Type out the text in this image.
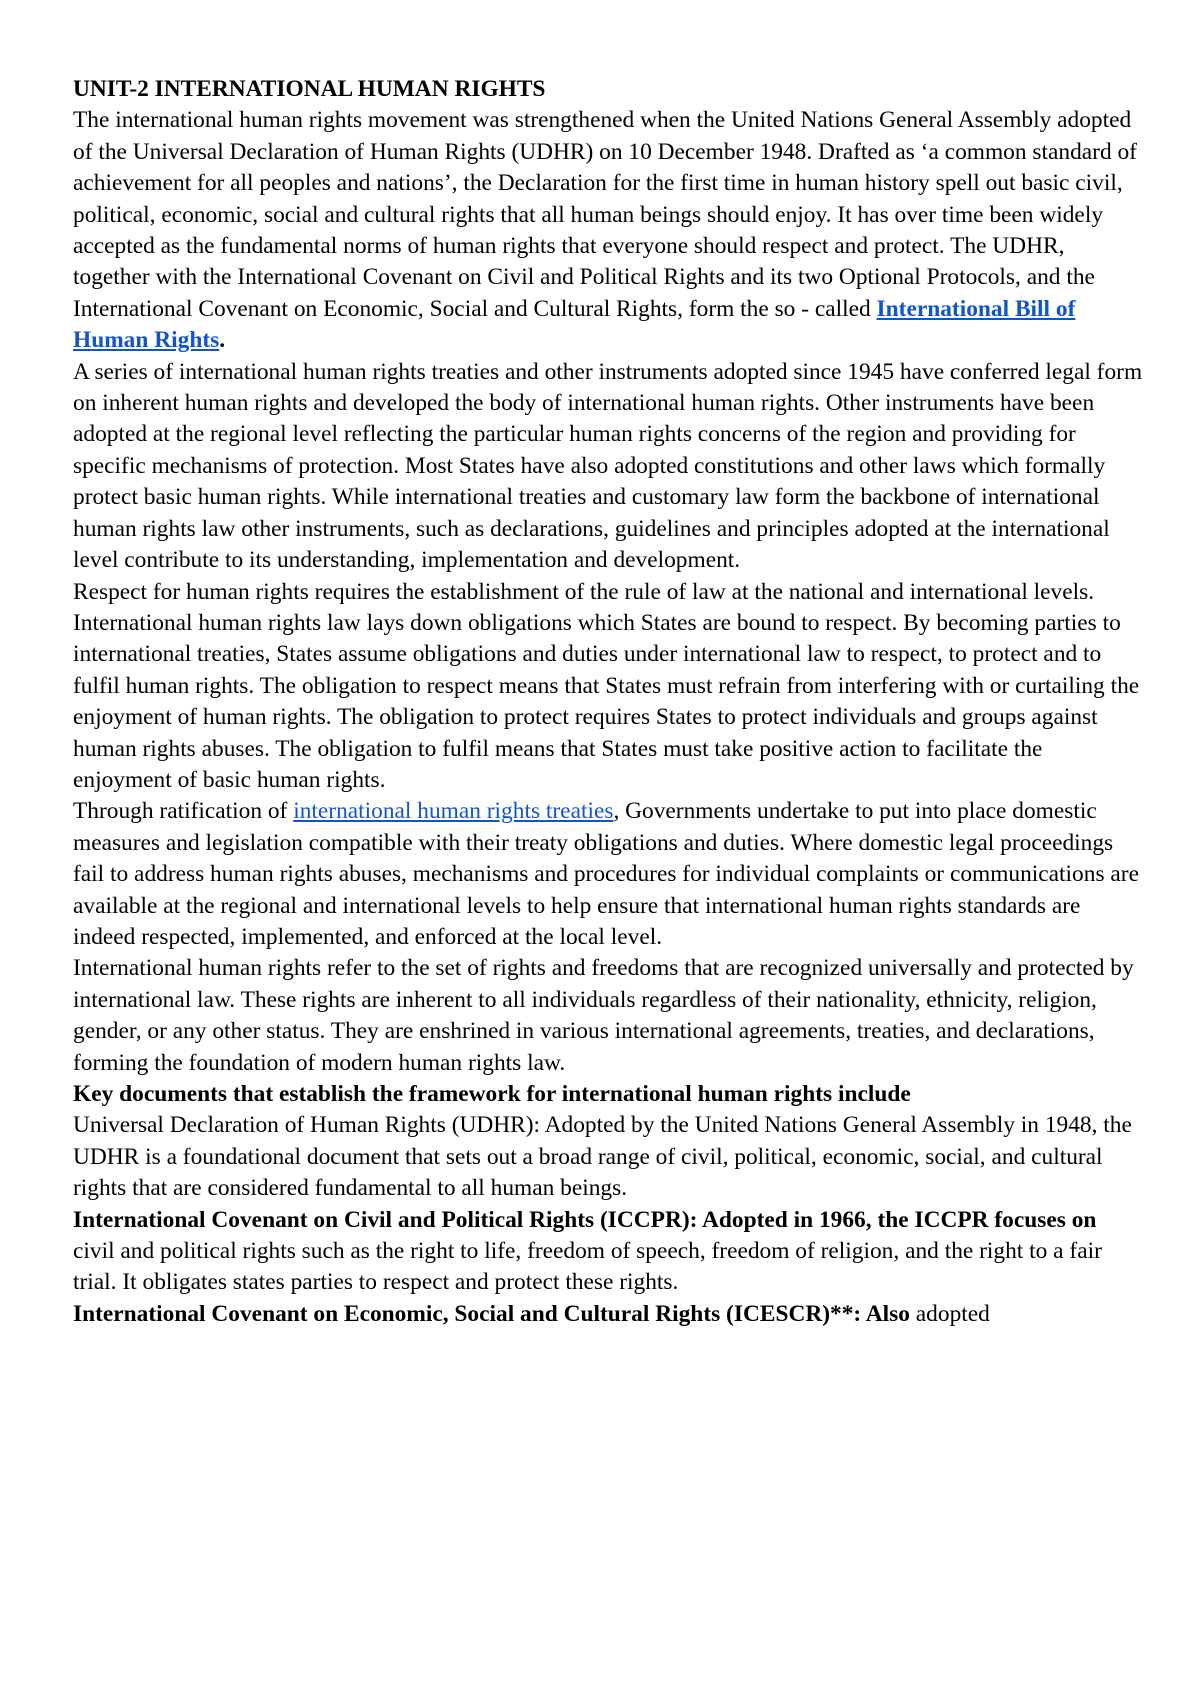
UNIT-2 INTERNATIONAL HUMAN RIGHTS

The international human rights movement was strengthened when the United Nations General Assembly adopted of the Universal Declaration of Human Rights (UDHR) on 10 December 1948. Drafted as ‘a common standard of achievement for all peoples and nations’, the Declaration for the first time in human history spell out basic civil, political, economic, social and cultural rights that all human beings should enjoy. It has over time been widely accepted as the fundamental norms of human rights that everyone should respect and protect. The UDHR, together with the International Covenant on Civil and Political Rights and its two Optional Protocols, and the International Covenant on Economic, Social and Cultural Rights, form the so - called International Bill of Human Rights.

A series of international human rights treaties and other instruments adopted since 1945 have conferred legal form on inherent human rights and developed the body of international human rights. Other instruments have been adopted at the regional level reflecting the particular human rights concerns of the region and providing for specific mechanisms of protection. Most States have also adopted constitutions and other laws which formally protect basic human rights. While international treaties and customary law form the backbone of international human rights law other instruments, such as declarations, guidelines and principles adopted at the international level contribute to its understanding, implementation and development.

Respect for human rights requires the establishment of the rule of law at the national and international levels.

International human rights law lays down obligations which States are bound to respect. By becoming parties to international treaties, States assume obligations and duties under international law to respect, to protect and to fulfil human rights. The obligation to respect means that States must refrain from interfering with or curtailing the enjoyment of human rights. The obligation to protect requires States to protect individuals and groups against human rights abuses. The obligation to fulfil means that States must take positive action to facilitate the enjoyment of basic human rights.

Through ratification of international human rights treaties, Governments undertake to put into place domestic measures and legislation compatible with their treaty obligations and duties. Where domestic legal proceedings fail to address human rights abuses, mechanisms and procedures for individual complaints or communications are available at the regional and international levels to help ensure that international human rights standards are indeed respected, implemented, and enforced at the local level.

International human rights refer to the set of rights and freedoms that are recognized universally and protected by international law. These rights are inherent to all individuals regardless of their nationality, ethnicity, religion, gender, or any other status. They are enshrined in various international agreements, treaties, and declarations, forming the foundation of modern human rights law.

Key documents that establish the framework for international human rights include

Universal Declaration of Human Rights (UDHR): Adopted by the United Nations General Assembly in 1948, the UDHR is a foundational document that sets out a broad range of civil, political, economic, social, and cultural rights that are considered fundamental to all human beings.

International Covenant on Civil and Political Rights (ICCPR): Adopted in 1966, the ICCPR focuses on civil and political rights such as the right to life, freedom of speech, freedom of religion, and the right to a fair trial. It obligates states parties to respect and protect these rights.

International Covenant on Economic, Social and Cultural Rights (ICESCR)**: Also adopted
